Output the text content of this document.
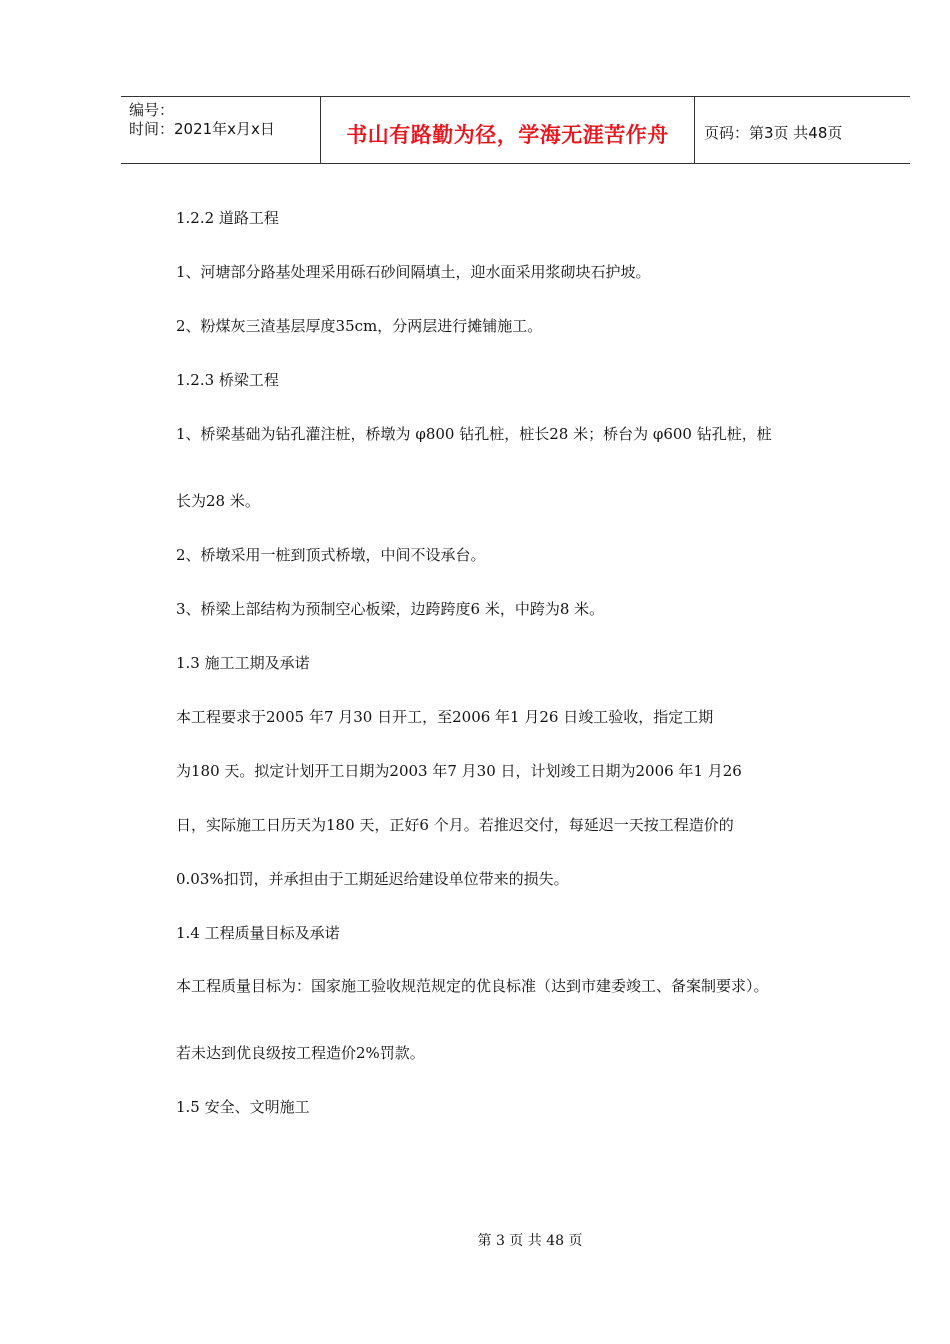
编号：
时间：2021年x月x日	书山有路勤为径，学海无涯苦作舟	页码：第3页 共48页
1.2.2 道路工程
1、河塘部分路基处理采用砾石砂间隔填土，迎水面采用浆砌块石护坡。
2、粉煤灰三渣基层厚度35cm，分两层进行摊铺施工。
1.2.3 桥梁工程
1、桥梁基础为钻孔灌注桩，桥墩为 φ800 钻孔桩，桩长28 米；桥台为 φ600 钻孔桩，桩
长为28 米。
2、桥墩采用一桩到顶式桥墩，中间不设承台。
3、桥梁上部结构为预制空心板梁，边跨跨度6 米，中跨为8 米。
1.3 施工工期及承诺
本工程要求于2005 年7 月30 日开工，至2006 年1 月26 日竣工验收，指定工期
为180 天。拟定计划开工日期为2003 年7 月30 日，计划竣工日期为2006 年1 月26
日，实际施工日历天为180 天，正好6 个月。若推迟交付，每延迟一天按工程造价的
0.03%扣罚，并承担由于工期延迟给建设单位带来的损失。
1.4 工程质量目标及承诺
本工程质量目标为：国家施工验收规范规定的优良标准（达到市建委竣工、备案制要求）。
若未达到优良级按工程造价2%罚款。
1.5 安全、文明施工
第 3 页 共 48 页
